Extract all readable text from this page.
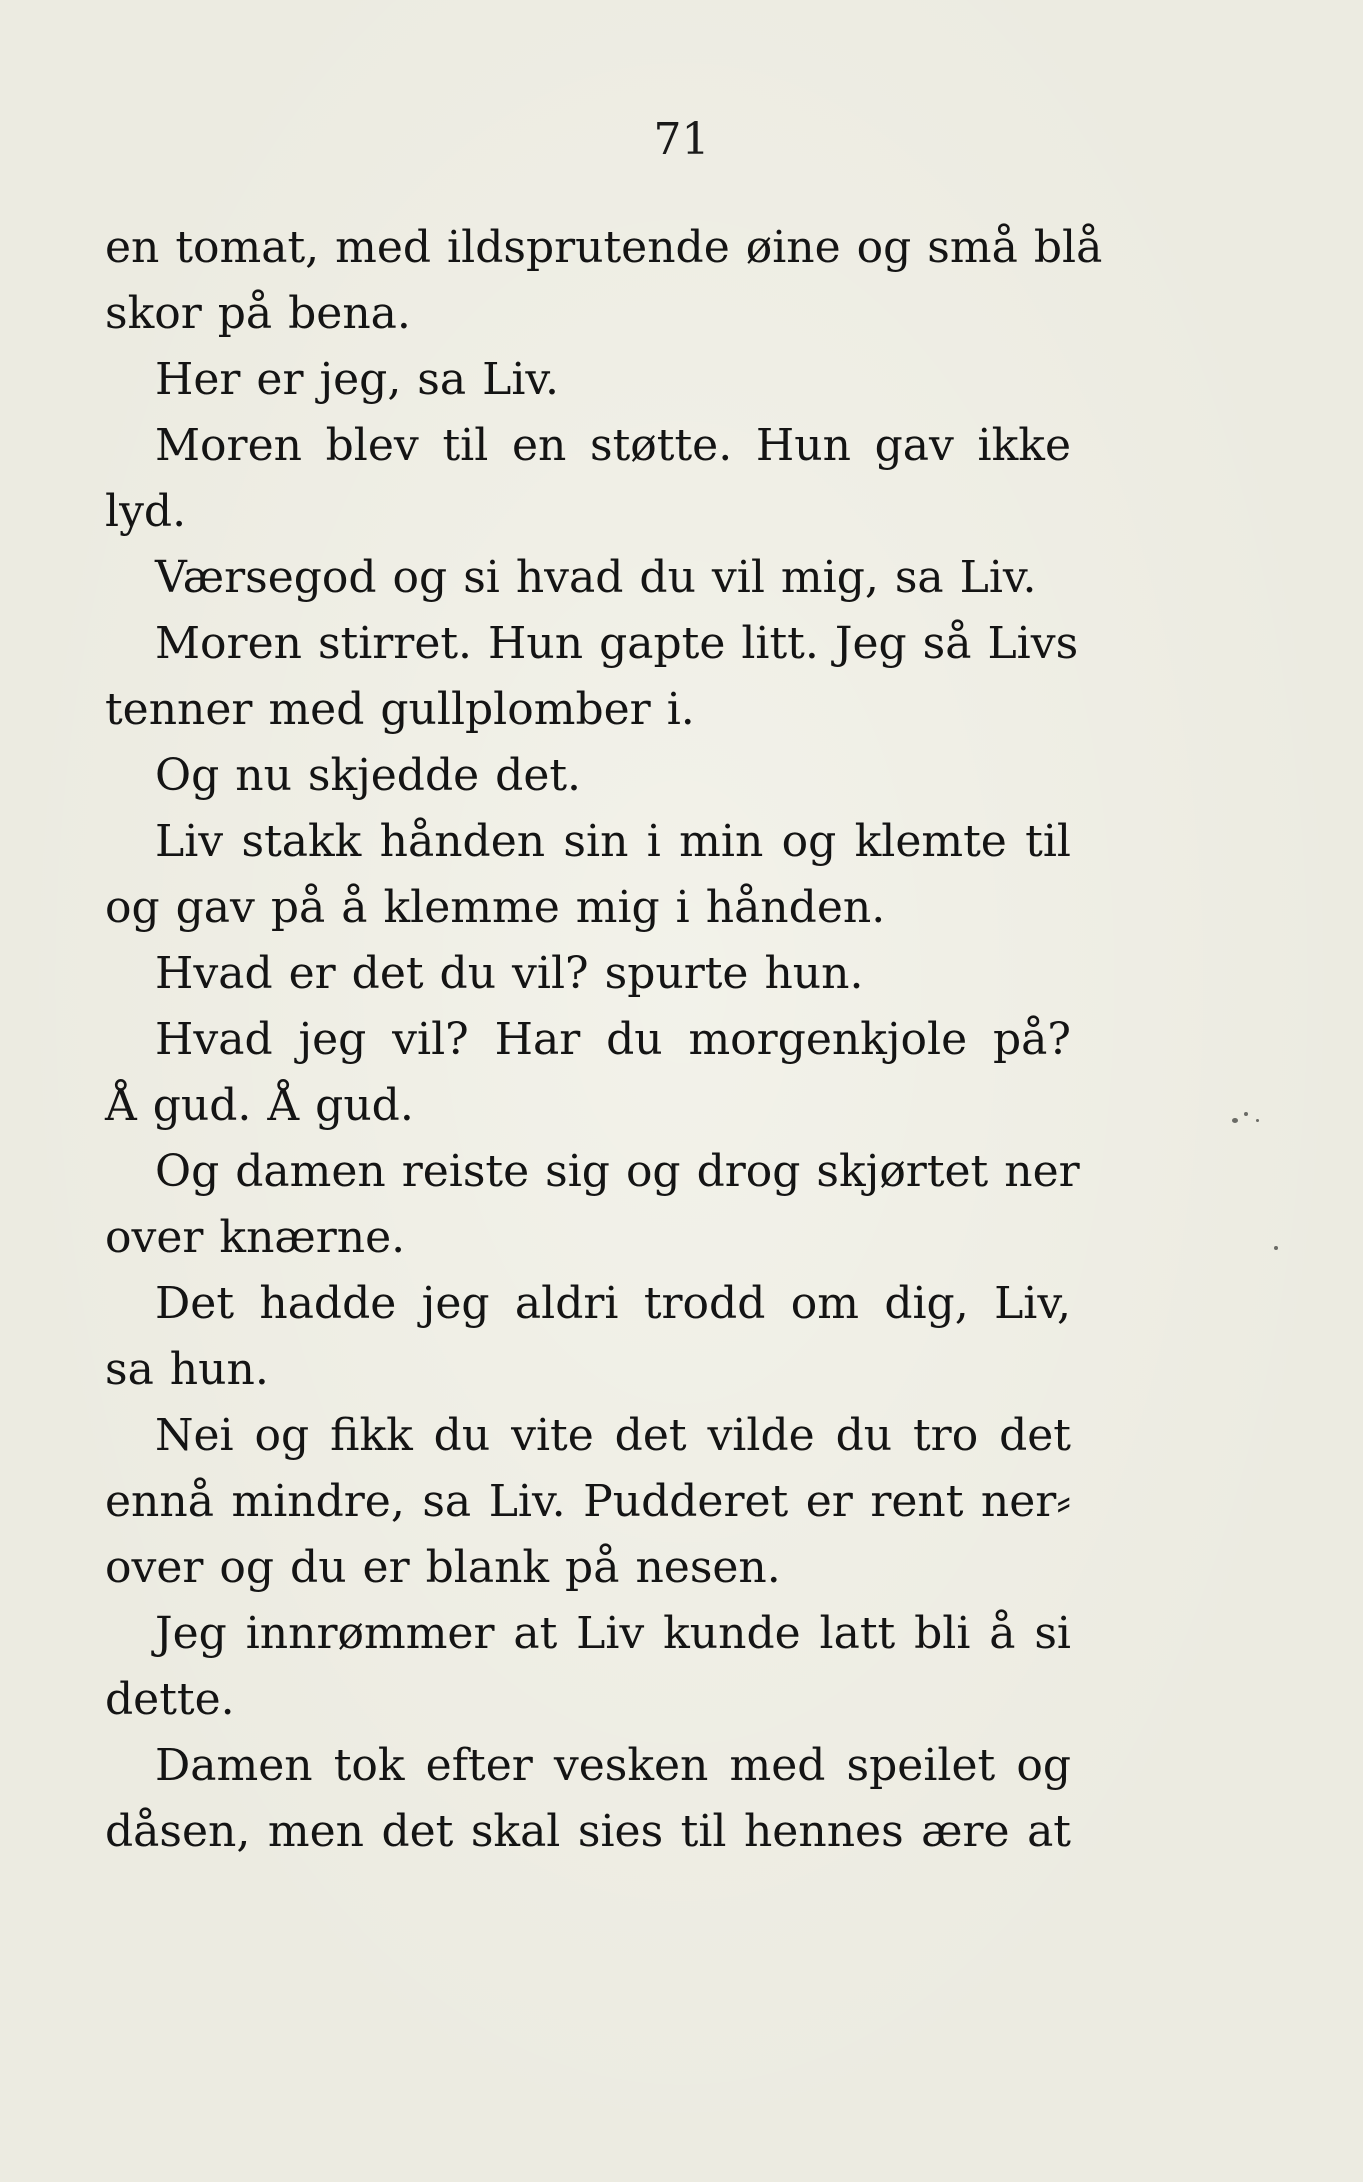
71
en tomat, med ildsprutende øine og små blå
skor på bena.
Her er jeg, sa Liv.
Moren blev til en støtte. Hun gav ikke
lyd.
Værsegod og si hvad du vil mig, sa Liv.
Moren stirret. Hun gapte litt. Jeg så Livs
tenner med gullplomber i.
Og nu skjedde det.
Liv stakk hånden sin i min og klemte til
og gav på å klemme mig i hånden.
Hvad er det du vil? spurte hun.
Hvad jeg vil? Har du morgenkjole på?
Å gud. Å gud.
Og damen reiste sig og drog skjørtet ner
over knærne.
Det hadde jeg aldri trodd om dig, Liv,
sa hun.
Nei og fikk du vite det vilde du tro det
ennå mindre, sa Liv. Pudderet er rent ner⸗
over og du er blank på nesen.
Jeg innrømmer at Liv kunde latt bli å si
dette.
Damen tok efter vesken med speilet og
dåsen, men det skal sies til hennes ære at
